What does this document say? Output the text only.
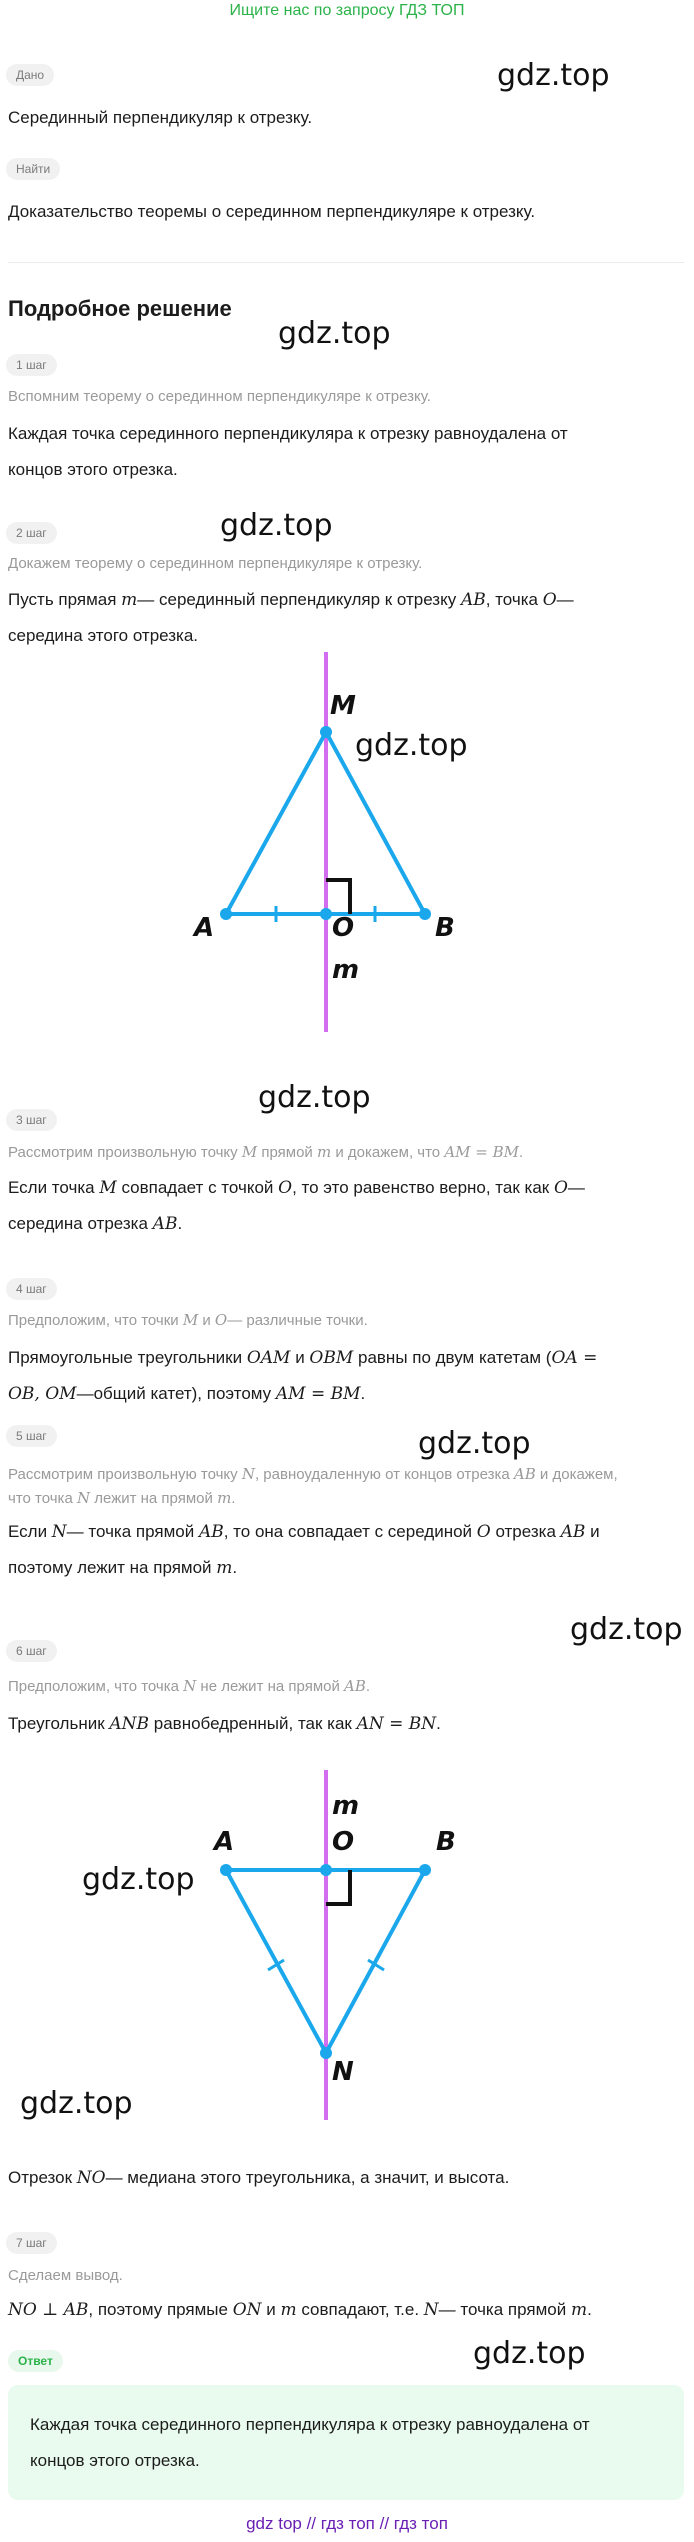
Ищите нас по запросу ГДЗ ТОП
Дано	gdz.top
Серединный перпендикуляр к отрезку.
Найти
Доказательство теоремы о серединном перпендикуляре к отрезку.
Подробное решение
gdz.top
1 шаг
Вспомним теорему о серединном перпендикуляре к отрезку.
Каждая точка серединного перпендикуляра к отрезку равноудалена от
концов этого отрезка.
2 шаг	gdz.top
Докажем теорему о серединном перпендикуляре к отрезку.
Пусть прямая m— серединный перпендикуляр к отрезку AB, точка O—
середина этого отрезка.
M
A	B
O
m
gdz.top
gdz.top
3 шаг
Рассмотрим произвольную точку M прямой m и докажем, что AM = BM.
Если точка M совпадает с точкой O, то это равенство верно, так как O—
середина отрезка AB.
4 шаг
Предположим, что точки M и O— различные точки.
Прямоугольные треугольники OAM и OBM равны по двум катетам (OA =
OB, OM—общий катет), поэтому AM = BM.
5 шаг	gdz.top
Рассмотрим произвольную точку N, равноудаленную от концов отрезка AB и докажем,
что точка N лежит на прямой m.
Если N— точка прямой AB, то она совпадает с серединой O отрезка AB и
поэтому лежит на прямой m.
gdz.top
6 шаг
Предположим, что точка N не лежит на прямой AB.
Треугольник ANB равнобедренный, так как AN = BN.
m
A	O	B
N
gdz.top
gdz.top
Отрезок NO— медиана этого треугольника, а значит, и высота.
7 шаг
Сделаем вывод.
NO ⊥ AB, поэтому прямые ON и m совпадают, т.е. N— точка прямой m.
gdz.top
Ответ
Каждая точка серединного перпендикуляра к отрезку равноудалена от
концов этого отрезка.
gdz top // гдз топ // гдз топ
